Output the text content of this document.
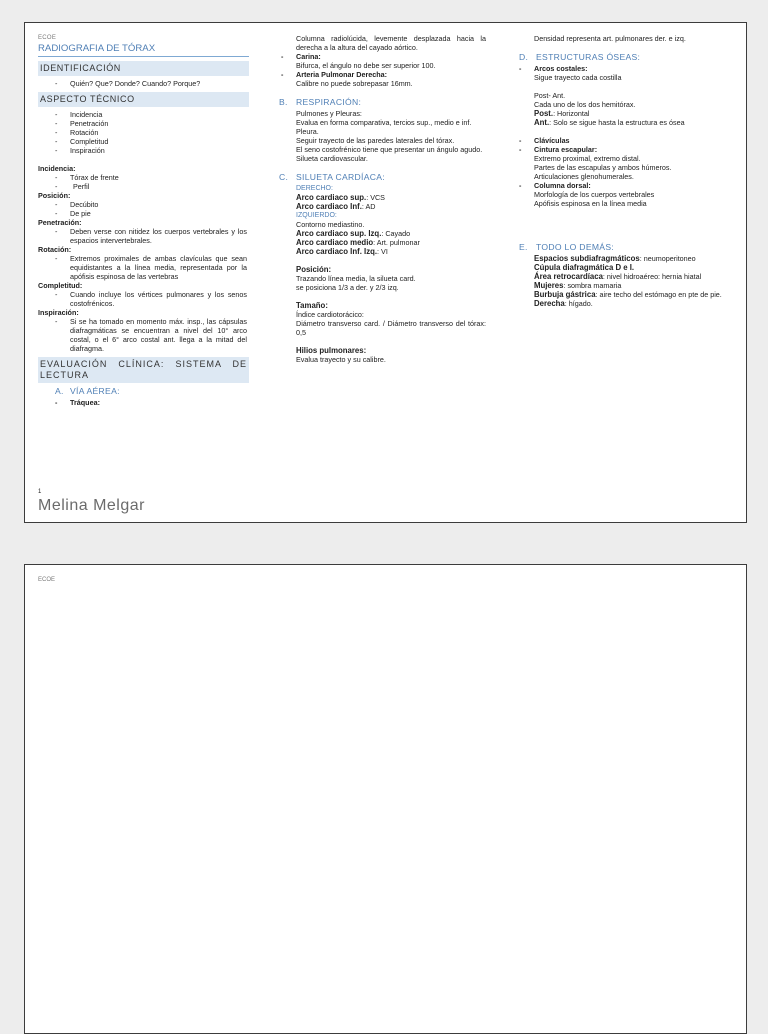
ECOE
RADIOGRAFIA DE TÓRAX
IDENTIFICACIÓN
- Quién? Que? Donde? Cuando? Porque?
ASPECTO TÉCNICO
- Incidencia
- Penetración
- Rotación
- Completitud
- Inspiración
Incidencia:
- Tórax de frente
- Perfil
Posición:
- Decúbito
- De pie
Penetración:
- Deben verse con nitidez los cuerpos vertebrales y los espacios intervertebrales.
Rotación:
- Extremos proximales de ambas clavículas que sean equidistantes a la línea media, representada por la apófisis espinosa de las vertebras
Completitud:
- Cuando incluye los vértices pulmonares y los senos costofrénicos.
Inspiración:
- Si se ha tomado en momento máx. insp., las cápsulas diafragmáticas se encuentran a nivel del 10° arco costal, o el 6° arco costal ant. llega a la mitad del diafragma.
EVALUACIÓN CLÍNICA: SISTEMA DE LECTURA
A. VÍA AÉREA:
- Tráquea:
1
Melina Melgar
Columna radiolúcida, levemente desplazada hacia la derecha a la altura del cayado aórtico.
- Carina:
Bifurca, el ángulo no debe ser superior 100.
- Arteria Pulmonar Derecha:
Calibre no puede sobrepasar 16mm.
B. RESPIRACIÓN:
Pulmones y Pleuras:
Evalua en forma comparativa, tercios sup., medio e inf.
Pleura.
Seguir trayecto de las paredes laterales del tórax.
El seno costofrénico tiene que presentar un ángulo agudo.
Silueta cardiovascular.
C. SILUETA CARDÍACA:
DERECHO:
Arco cardiaco sup.: VCS
Arco cardiaco Inf.: AD
IZQUIERDO:
Contorno mediastino.
Arco cardiaco sup. Izq.: Cayado
Arco cardiaco medio: Art. pulmonar
Arco cardiaco Inf. Izq.: VI
Posición:
Trazando línea media, la silueta card.
se posiciona 1/3 a der. y 2/3 izq.
Tamaño:
Índice cardiotorácico:
Diámetro transverso card. / Diámetro transverso del tórax: 0,5
Hilios pulmonares:
Evalua trayecto y su calibre.
Densidad representa art. pulmonares der. e izq.
D. ESTRUCTURAS ÓSEAS:
- Arcos costales:
Sigue trayecto cada costilla
Post- Ant.
Cada uno de los dos hemitórax.
Post.: Horizontal
Ant.: Solo se sigue hasta la estructura es ósea
- Clávículas
- Cintura escapular:
Extremo proximal, extremo distal.
Partes de las escapulas y ambos húmeros.
Articulaciones glenohumerales.
- Columna dorsal:
Morfología de los cuerpos vertebrales
Apófisis espinosa en la línea media
E. TODO LO DEMÁS:
Espacios subdiafragmáticos: neumoperitoneo
Cúpula diafragmática D e I.
Área retrocardíaca: nivel hidroaéreo: hernia hiatal
Mujeres: sombra mamaria
Burbuja gástrica: aire techo del estómago en pte de pie.
Derecha: hígado.
ECOE
